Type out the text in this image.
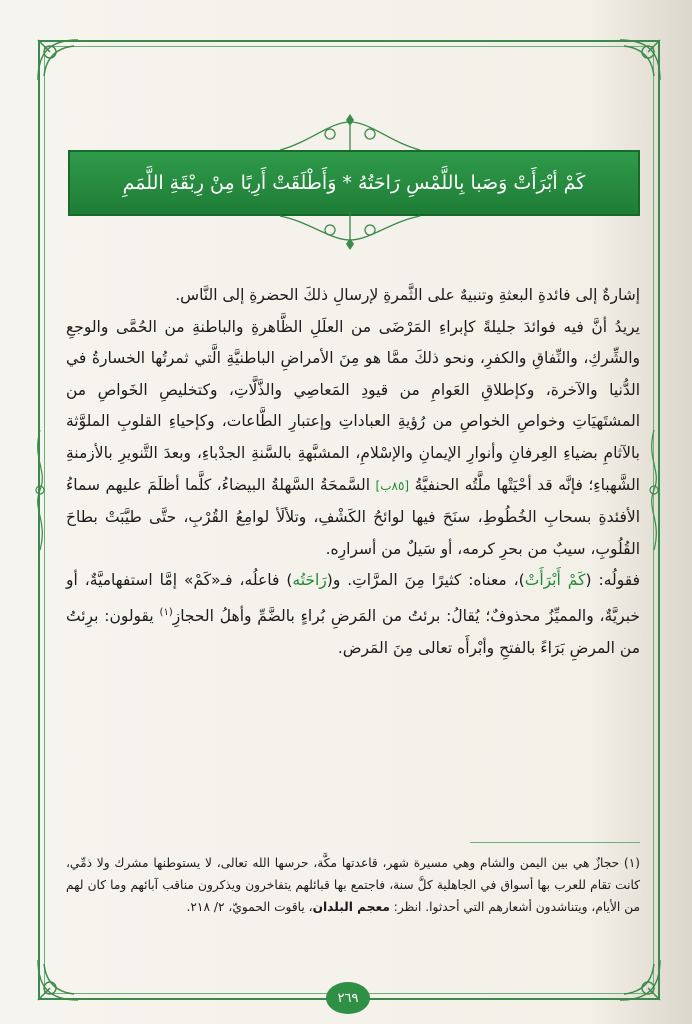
كَمْ أبْرَأَتْ وَصَبا بِاللَّمْسِ رَاحَتُهُ * وَأَطْلَقَتْ أَرِبًا مِنْ رِبْقَةِ اللَّمَمِ

إشارةٌ إلى فائدةِ البعثةِ وتنبيهٌ على الثَّمرةِ لإرسالِ ذلكَ الحضرةِ إلى النَّاس.

يريدُ أنَّ فيه فوائدَ جليلةً كإبراءِ المَرْضَى من العلَلِ الظَّاهرةِ والباطنةِ من الحُمَّى والوجعِ والشِّركِ، والنِّفاقِ والكفرِ، ونحو ذلكَ ممَّا هو مِنَ الأمراضِ الباطنيَّةِ الَّتي ثمرتُها الخسارةُ في الدُّنيا والآخرة، وكإطلاقِ العَوامِ من قيودِ المَعاصِي والذَّلَّاتِ، وكتخليصِ الخَواصِ من المشتَهيَاتِ وخواصِ الخواصِ من رُؤيةِ العباداتِ وإعتبارِ الطَّاعات، وكإحياءِ القلوبِ الملوَّثة بالآثامِ بضياءِ العِرفانِ وأنوارِ الإيمانِ والإسْلامِ، المشبَّهةِ بالسَّنةِ الجدْباءِ، وبعدَ التَّنويرِ بالأزمنةِ الشَّهباءِ؛ فإنَّه قد أحْيَتْها ملَّتُه الحنفيَّةُ [٨٥ب] السَّمحَةُ السَّهلةُ البيضاءُ، كلَّما أظلَمَ عليهم سماءُ الأفئدةِ بسحابِ الخُطُوطِ، سنَحَ فيها لوائحُ الكَشْفِ، وتلألَأ لوامِعُ القُرْبِ، حتَّى طيَّبَتْ بطاحَ القُلُوبِ، سيبٌ من بحرِ كرمه، أو سَيلٌ من أسرارِه.

فقولُه: (كَمْ أَبْرَأَتْ)، معناه: كثيرًا مِنَ المرَّاتِ. و(رَاحَتُه) فاعلُه، فـ«كَمْ» إمَّا استفهاميَّةٌ، أو خبريَّةٌ، والمميِّزُ محذوفٌ؛ يُقالُ: برئتُ من المَرضِ بُراءٍ بالضَّمِّ وأهلُ الحجازِ$^{(١)}$ يقولون: برِئتُ من المرضِ بَرَاءً بالفتحِ وأبْرأَه تعالى مِنَ المَرض.

(١) حجازٌ هي بين اليمن والشام وهي مسيرة شهر، قاعدتها مكَّة، حرسها الله تعالى، لا يستوطنها مشرك ولا ذمِّي، كانت تقام للعرب بها أسواق في الجاهلية كلَّ سنة، فاجتمع بها قبائلهم يتفاخرون ويذكرون مناقب آبائهم وما كان لهم من الأيام، ويتناشدون أشعارهم التي أحدثوا. انظر: معجم البلدان، ياقوت الحمويّ، ٢/ ٢١٨.
٢٦٩
